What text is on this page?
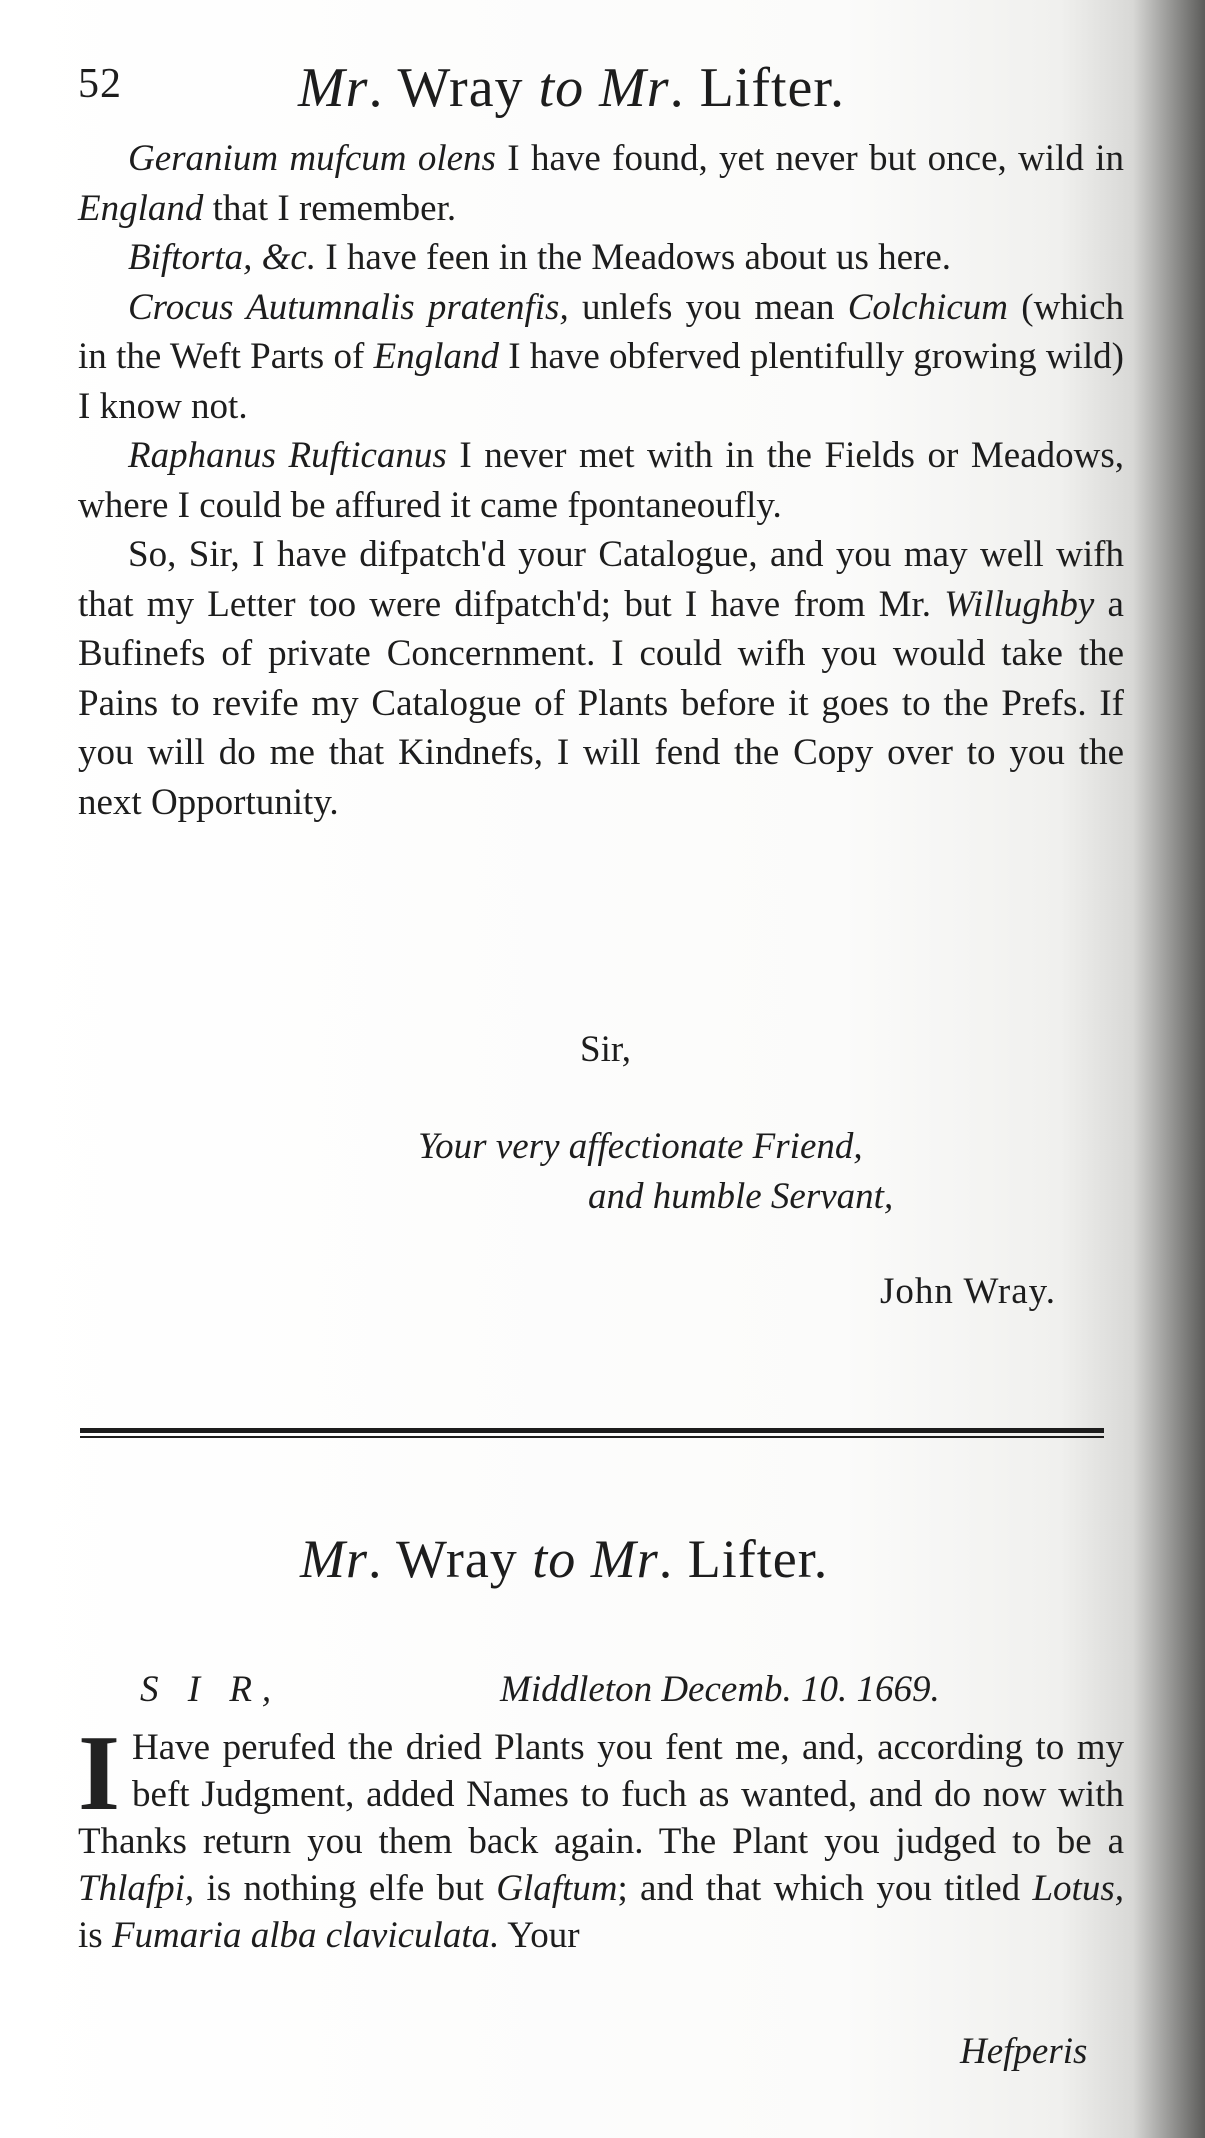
52	Mr. Wray to Mr. Lifter.

Geranium mufcum olens I have found, yet never but once, wild in England that I remember.

Biftorta, &c. I have feen in the Meadows about us here.

Crocus Autumnalis pratenfis, unlefs you mean Colchicum (which in the Weft Parts of England I have obferved plentifully growing wild) I know not.

Raphanus Rufticanus I never met with in the Fields or Meadows, where I could be affured it came fpontaneoufly.

So, Sir, I have difpatch'd your Catalogue, and you may well wifh that my Letter too were difpatch'd; but I have from Mr. Willughby a Bufinefs of private Concernment. I could wifh you would take the Pains to revife my Catalogue of Plants before it goes to the Prefs. If you will do me that Kindnefs, I will fend the Copy over to you the next Opportunity.

Sir,
Your very affectionate Friend,
and humble Servant,
John Wray.
Mr. Wray to Mr. Lifter.
S I R,	Middleton Decemb. 10. 1669.

I Have perufed the dried Plants you fent me, and, according to my beft Judgment, added Names to fuch as wanted, and do now with Thanks return you them back again. The Plant you judged to be a Thlafpi, is nothing elfe but Glaftum; and that which you titled Lotus, is Fumaria alba claviculata. Your

Hefperis
